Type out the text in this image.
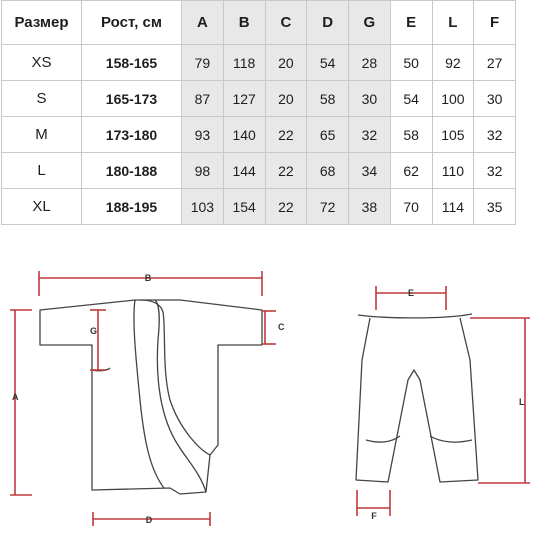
Размер	Рост, см	A	B	C	D	G	E	L	F
XS	158-165	79	118	20	54	28	50	92	27
S	165-173	87	127	20	58	30	54	100	30
M	173-180	93	140	22	65	32	58	105	32
L	180-188	98	144	22	68	34	62	110	32
XL	188-195	103	154	22	72	38	70	114	35
B
A
G	C
D
E
L
F
